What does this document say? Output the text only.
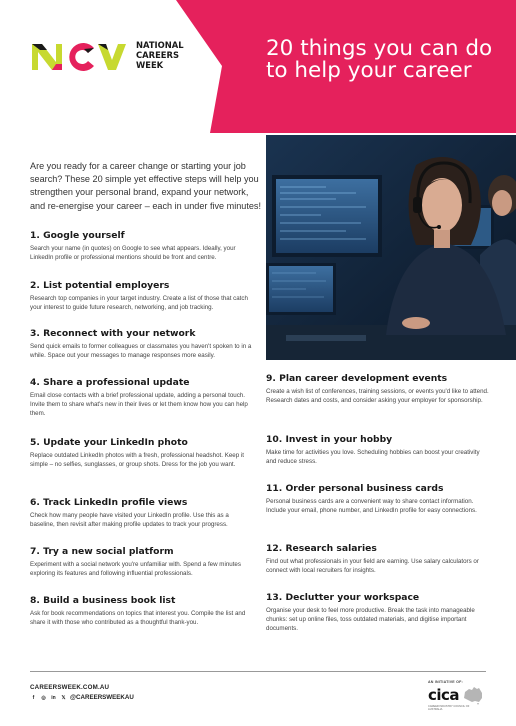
20 things you can do to help your career
NATIONAL
CAREERS
WEEK
Are you ready for a career change or starting your job search? These 20 simple yet effective steps will help you strengthen your personal brand, expand your network, and re-energise your career – each in under five minutes!
1. Google yourself

Search your name (in quotes) on Google to see what appears. Ideally, your LinkedIn profile or professional mentions should be front and centre.

2. List potential employers

Research top companies in your target industry. Create a list of those that catch your interest to guide future research, networking, and job tracking.

3. Reconnect with your network

Send quick emails to former colleagues or classmates you haven't spoken to in a while. Space out your messages to manage responses more easily.

4. Share a professional update

Email close contacts with a brief professional update, adding a personal touch. Invite them to share what's new in their lives or let them know how you can help them.

5. Update your LinkedIn photo

Replace outdated LinkedIn photos with a fresh, professional headshot. Keep it simple – no selfies, sunglasses, or group shots. Dress for the job you want.

6. Track LinkedIn profile views

Check how many people have visited your LinkedIn profile. Use this as a baseline, then revisit after making profile updates to track your progress.

7. Try a new social platform

Experiment with a social network you're unfamiliar with. Spend a few minutes exploring its features and following influential professionals.

8. Build a business book list

Ask for book recommendations on topics that interest you. Compile the list and share it with those who contributed as a thoughtful thank-you.

9. Plan career development events

Create a wish list of conferences, training sessions, or events you'd like to attend. Research dates and costs, and consider asking your employer for sponsorship.

10. Invest in your hobby

Make time for activities you love. Scheduling hobbies can boost your creativity and reduce stress.

11. Order personal business cards

Personal business cards are a convenient way to share contact information. Include your email, phone number, and LinkedIn profile for easy connections.

12. Research salaries

Find out what professionals in your field are earning. Use salary calculators or connect with local recruiters for insights.

13. Declutter your workspace

Organise your desk to feel more productive. Break the task into manageable chunks: set up online files, toss outdated materials, and digitise important documents.

CAREERSWEEK.COM.AU
f	◎ in 𝕏 @CAREERSWEEKAU
AN INITIATIVE OF:
cica
CAREER INDUSTRY COUNCIL OF AUSTRALIA
